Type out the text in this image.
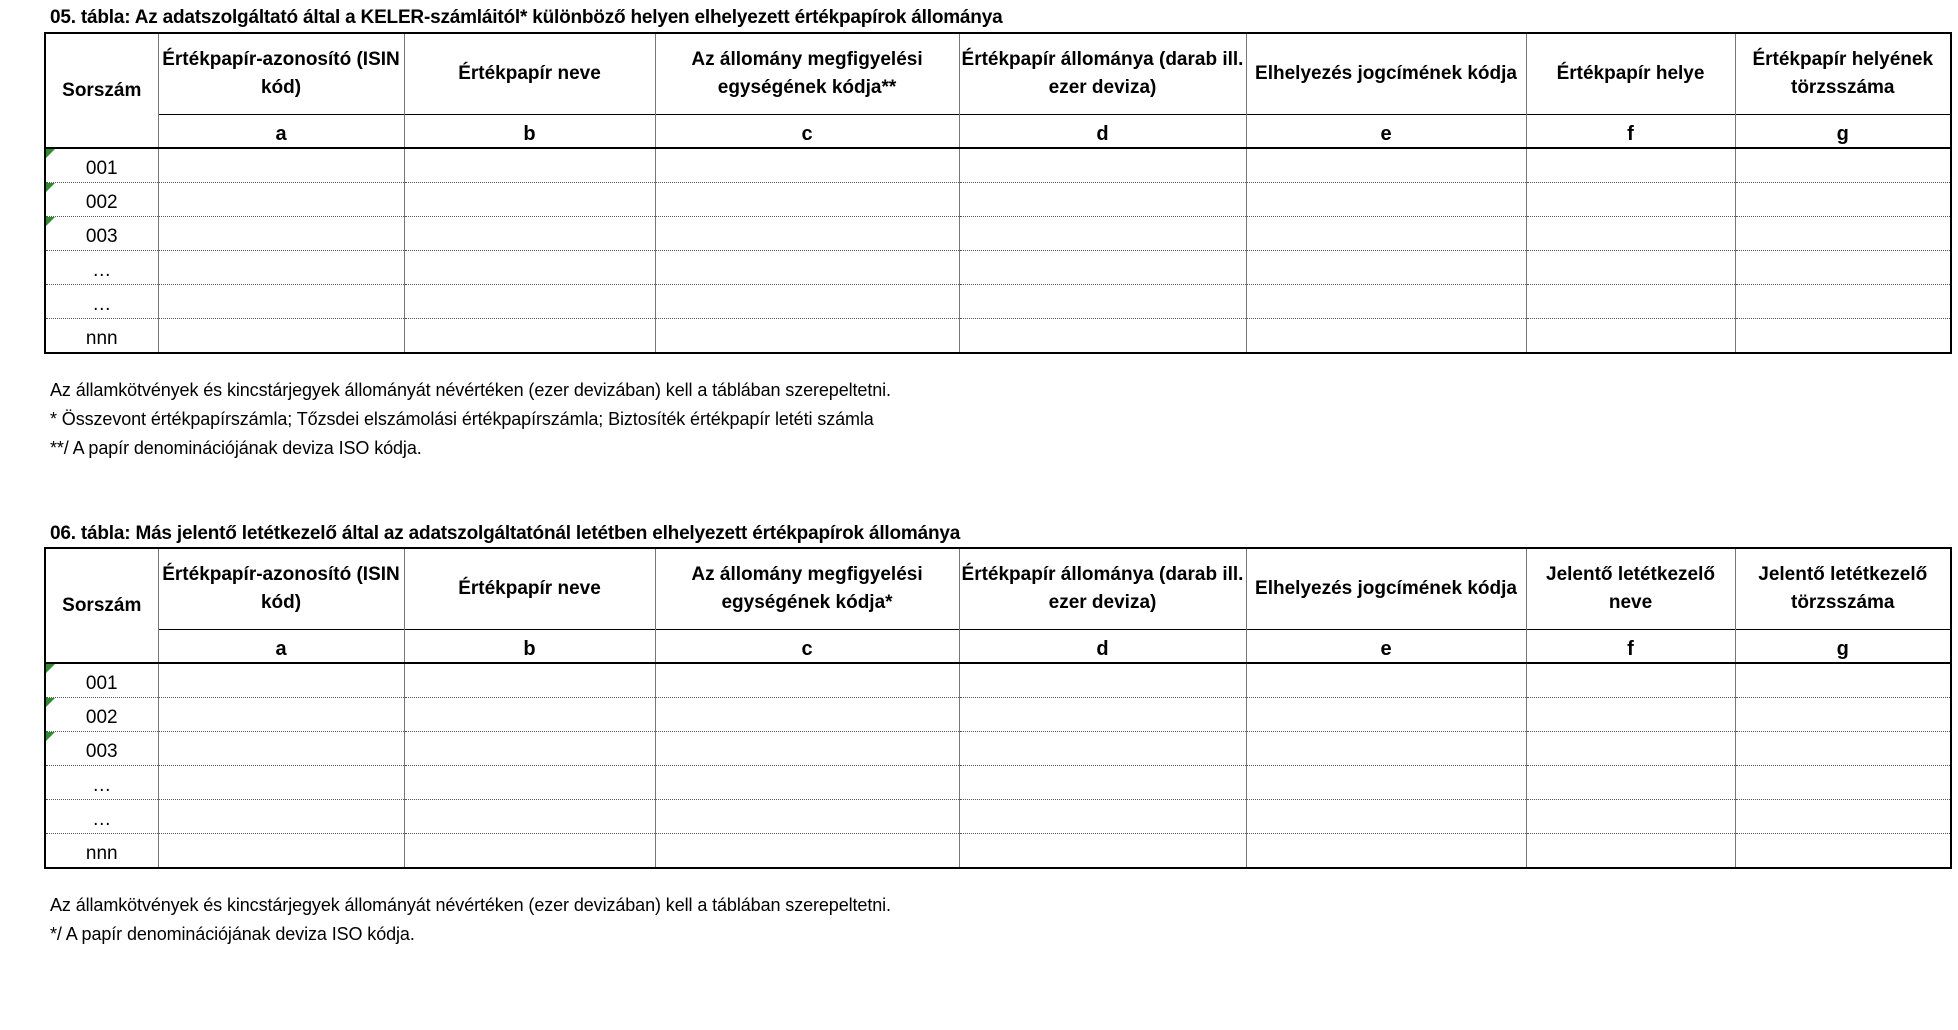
05. tábla: Az adatszolgáltató által a KELER-számláitól* különböző helyen elhelyezett értékpapírok állománya
Sorszám	Értékpapír-azonosító (ISIN kód)	Értékpapír neve	Az állomány megfigyelési egységének kódja**	Értékpapír állománya (darab ill. ezer deviza)	Elhelyezés jogcímének kódja	Értékpapír helye	Értékpapír helyének törzsszáma
	a	b	c	d	e	f	g

001							

002							

003							
…							
…							
nnn							
Az államkötvények és kincstárjegyek állományát névértéken (ezer devizában) kell a táblában szerepeltetni.
* Összevont értékpapírszámla; Tőzsdei elszámolási értékpapírszámla; Biztosíték értékpapír letéti számla
**/ A papír denominációjának deviza ISO kódja.
06. tábla: Más jelentő letétkezelő által az adatszolgáltatónál letétben elhelyezett értékpapírok állománya
Sorszám	Értékpapír-azonosító (ISIN kód)	Értékpapír neve	Az állomány megfigyelési egységének kódja*	Értékpapír állománya (darab ill. ezer deviza)	Elhelyezés jogcímének kódja	Jelentő letétkezelő neve	Jelentő letétkezelő törzsszáma
	a	b	c	d	e	f	g

001							

002							

003							
…							
…							
nnn							
Az államkötvények és kincstárjegyek állományát névértéken (ezer devizában) kell a táblában szerepeltetni.
*/ A papír denominációjának deviza ISO kódja.
